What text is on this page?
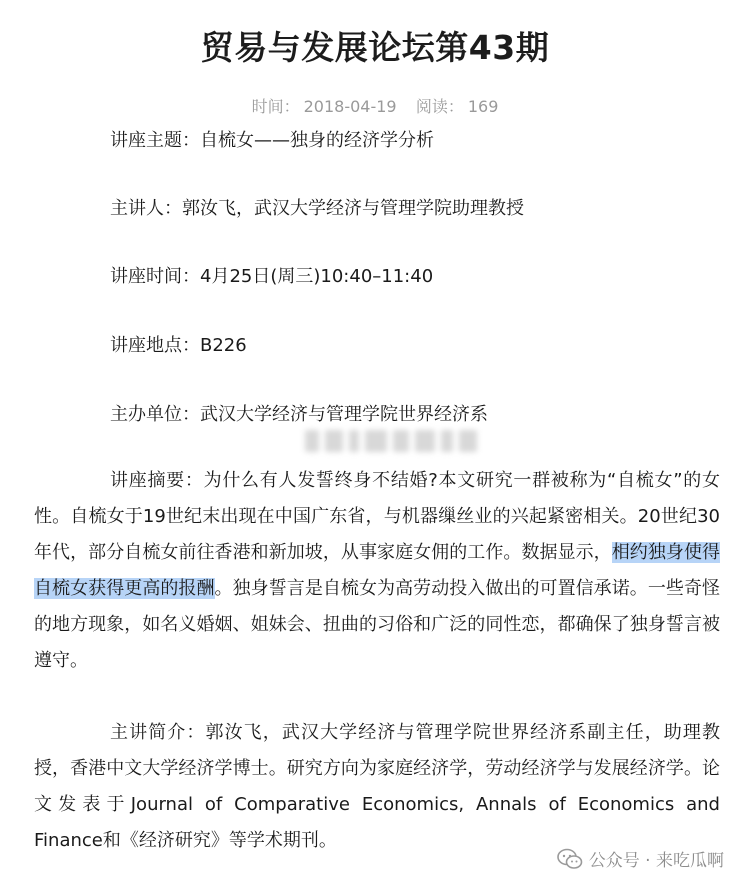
贸易与发展论坛第43期
时间： 2018-04-19 阅读： 169
讲座主题：自梳女——独身的经济学分析
主讲人：郭汝飞，武汉大学经济与管理学院助理教授
讲座时间：4月25日(周三)10:40–11:40
讲座地点：B226
主办单位：武汉大学经济与管理学院世界经济系
讲座摘要：为什么有人发誓终身不结婚?本文研究一群被称为“自梳女”的女性。自梳女于19世纪末出现在中国广东省，与机器缫丝业的兴起紧密相关。20世纪30年代，部分自梳女前往香港和新加坡，从事家庭女佣的工作。数据显示，相约独身使得自梳女获得更高的报酬。独身誓言是自梳女为高劳动投入做出的可置信承诺。一些奇怪的地方现象，如名义婚姻、姐妹会、扭曲的习俗和广泛的同性恋，都确保了独身誓言被遵守。
主讲简介：郭汝飞，武汉大学经济与管理学院世界经济系副主任，助理教授，香港中文大学经济学博士。研究方向为家庭经济学，劳动经济学与发展经济学。论文发表于Journal of Comparative Economics, Annals of Economics and Finance和《经济研究》等学术期刊。
公众号 · 来吃瓜啊
